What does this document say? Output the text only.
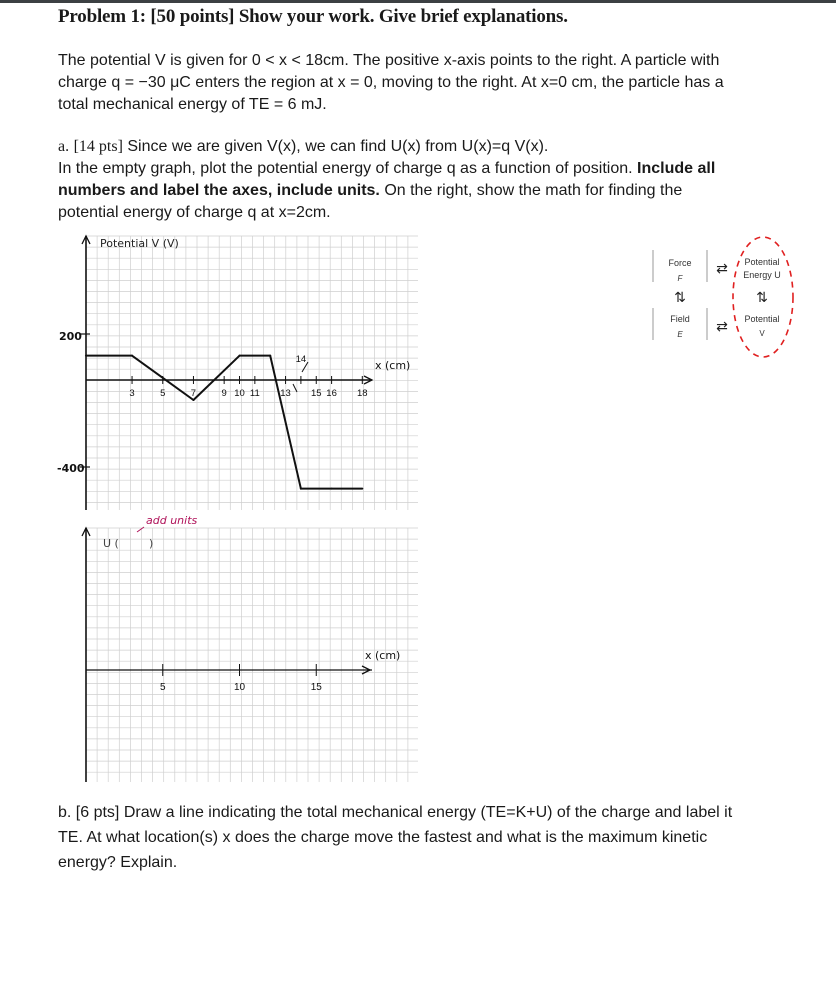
Problem 1: [50 points] Show your work. Give brief explanations.
The potential V is given for 0 < x < 18cm. The positive x-axis points to the right. A particle with
charge q = −30 μC enters the region at x = 0, moving to the right. At x=0 cm, the particle has a
total mechanical energy of TE = 6 mJ.
a. [14 pts] Since we are given V(x), we can find U(x) from U(x)=q V(x).
In the empty graph, plot the potential energy of charge q as a function of position. Include all
numbers and label the axes, include units. On the right, show the math for finding the
potential energy of charge q at x=2cm.
Potential V (V)
x (cm)
200
-400
3	5	7	9 10 11 13
14
15 16 18
U (	)
add units
x (cm)
5	10	15
Force
F
Field
E
⇅	⇅
⇄
⇄
Potential
Energy U
Potential
V
b. [6 pts] Draw a line indicating the total mechanical energy (TE=K+U) of the charge and label it
TE. At what location(s) x does the charge move the fastest and what is the maximum kinetic
energy? Explain.
